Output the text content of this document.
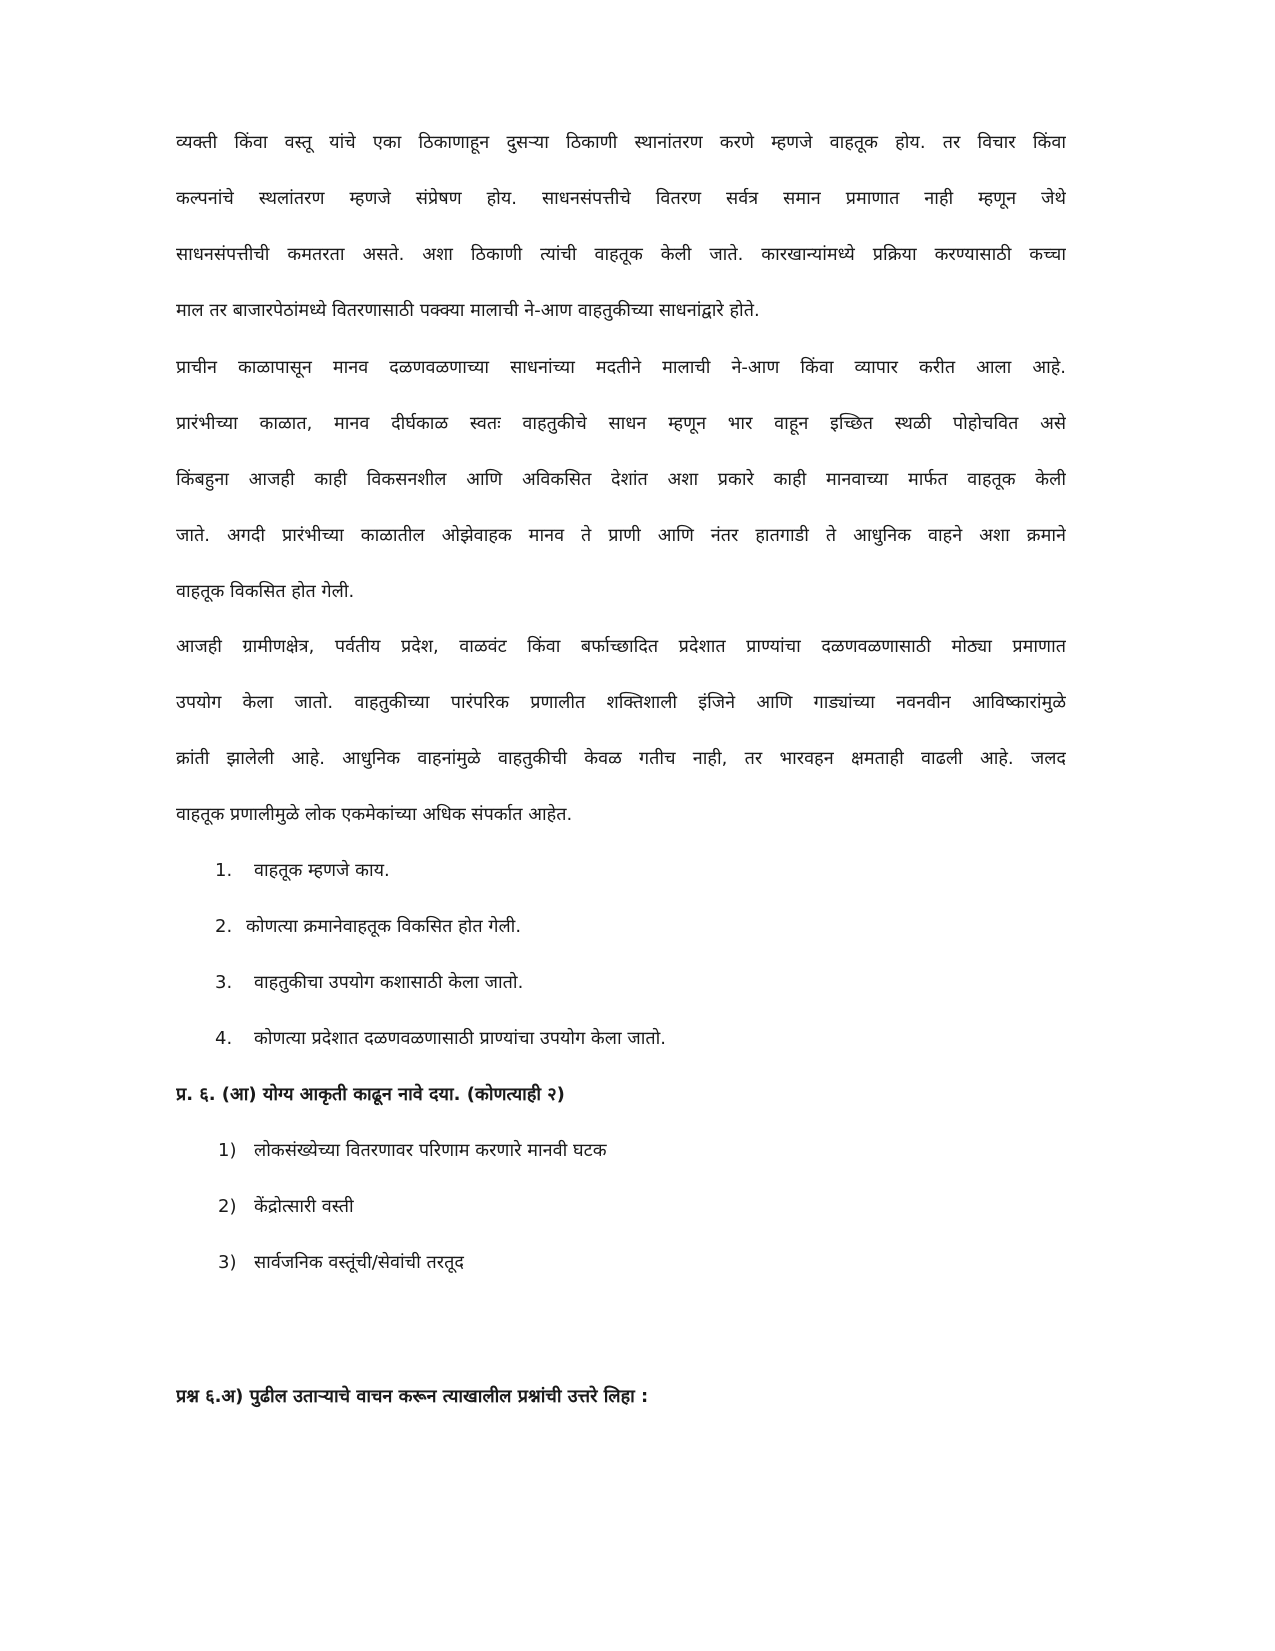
व्यक्ती किंवा वस्तू यांचे एका ठिकाणाहून दुसऱ्या ठिकाणी स्थानांतरण करणे म्हणजे वाहतूक होय. तर विचार किंवा
कल्पनांचे स्थलांतरण म्हणजे संप्रेषण होय. साधनसंपत्तीचे वितरण सर्वत्र समान प्रमाणात नाही म्हणून जेथे
साधनसंपत्तीची कमतरता असते. अशा ठिकाणी त्यांची वाहतूक केली जाते. कारखान्यांमध्ये प्रक्रिया करण्यासाठी कच्चा
माल तर बाजारपेठांमध्ये वितरणासाठी पक्क्या मालाची ने-आण वाहतुकीच्या साधनांद्वारे होते.
प्राचीन काळापासून मानव दळणवळणाच्या साधनांच्या मदतीने मालाची ने-आण किंवा व्यापार करीत आला आहे.
प्रारंभीच्या काळात, मानव दीर्घकाळ स्वतः वाहतुकीचे साधन म्हणून भार वाहून इच्छित स्थळी पोहोचवित असे
किंबहुना आजही काही विकसनशील आणि अविकसित देशांत अशा प्रकारे काही मानवाच्या मार्फत वाहतूक केली
जाते. अगदी प्रारंभीच्या काळातील ओझेवाहक मानव ते प्राणी आणि नंतर हातगाडी ते आधुनिक वाहने अशा क्रमाने
वाहतूक विकसित होत गेली.
आजही ग्रामीणक्षेत्र, पर्वतीय प्रदेश, वाळवंट किंवा बर्फाच्छादित प्रदेशात प्राण्यांचा दळणवळणासाठी मोठ्या प्रमाणात
उपयोग केला जातो. वाहतुकीच्या पारंपरिक प्रणालीत शक्तिशाली इंजिने आणि गाड्यांच्या नवनवीन आविष्कारांमुळे
क्रांती झालेली आहे. आधुनिक वाहनांमुळे वाहतुकीची केवळ गतीच नाही, तर भारवहन क्षमताही वाढली आहे. जलद
वाहतूक प्रणालीमुळे लोक एकमेकांच्या अधिक संपर्कात आहेत.
1.	वाहतूक म्हणजे काय.
2. कोणत्या क्रमानेवाहतूक विकसित होत गेली.
3.	वाहतुकीचा उपयोग कशासाठी केला जातो.
4.	कोणत्या प्रदेशात दळणवळणासाठी प्राण्यांचा उपयोग केला जातो.
प्र. ६. (आ) योग्य आकृती काढून नावे दया. (कोणत्याही २)
1) लोकसंख्येच्या वितरणावर परिणाम करणारे मानवी घटक
2) केंद्रोत्सारी वस्ती
3) सार्वजनिक वस्तूंची/सेवांची तरतूद
प्रश्न ६.अ) पुढील उताऱ्याचे वाचन करून त्याखालील प्रश्नांची उत्तरे लिहा :
